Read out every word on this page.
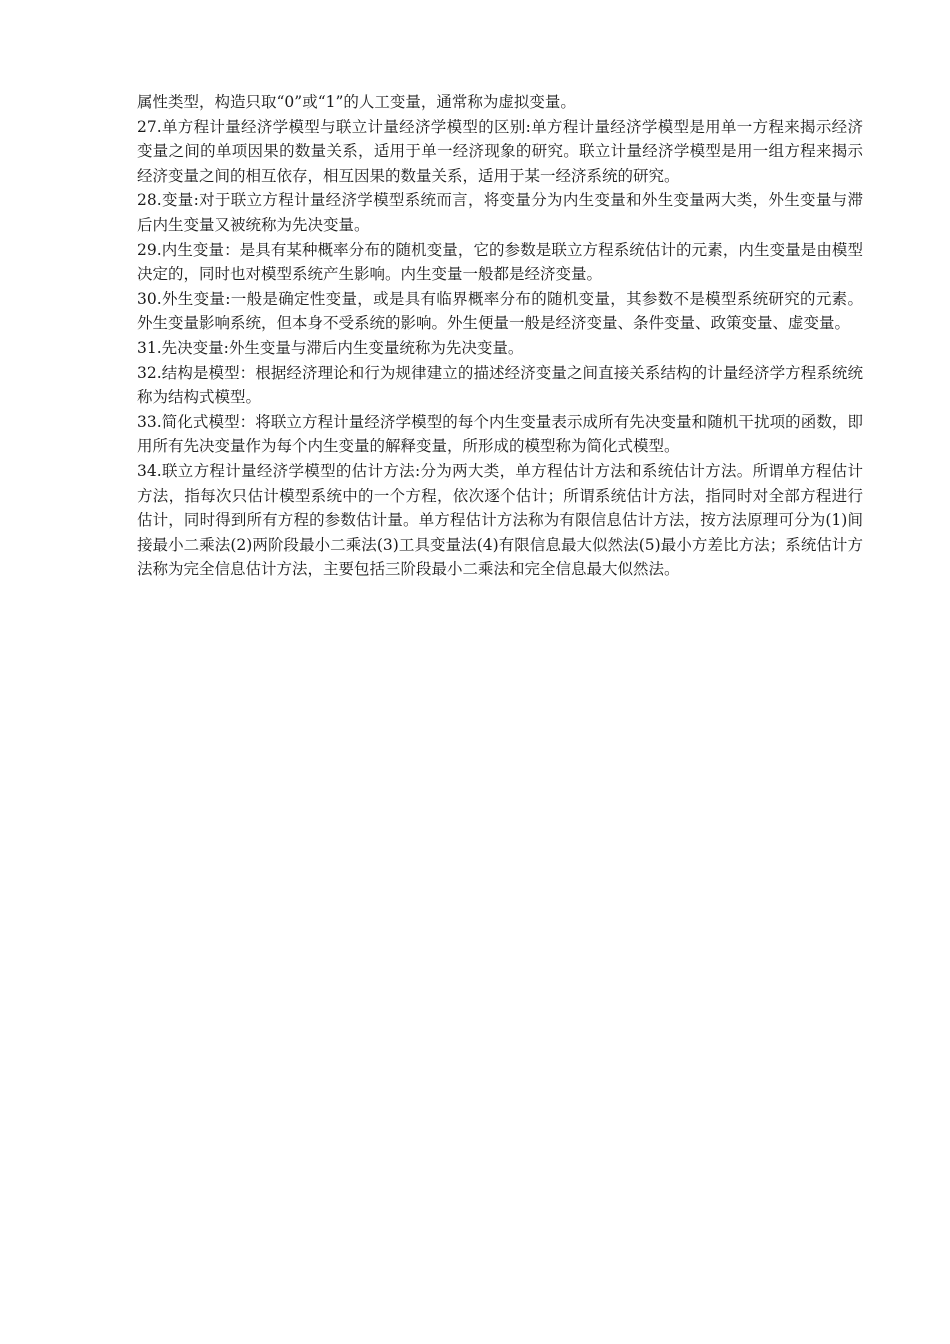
属性类型，构造只取“0”或“1”的人工变量，通常称为虚拟变量。

27.单方程计量经济学模型与联立计量经济学模型的区别:单方程计量经济学模型是用单一方程来揭示经济变量之间的单项因果的数量关系，适用于单一经济现象的研究。联立计量经济学模型是用一组方程来揭示经济变量之间的相互依存，相互因果的数量关系，适用于某一经济系统的研究。

28.变量:对于联立方程计量经济学模型系统而言，将变量分为内生变量和外生变量两大类，外生变量与滞后内生变量又被统称为先决变量。

29.内生变量：是具有某种概率分布的随机变量，它的参数是联立方程系统估计的元素，内生变量是由模型决定的，同时也对模型系统产生影响。内生变量一般都是经济变量。

30.外生变量:一般是确定性变量，或是具有临界概率分布的随机变量，其参数不是模型系统研究的元素。外生变量影响系统，但本身不受系统的影响。外生便量一般是经济变量、条件变量、政策变量、虚变量。

31.先决变量:外生变量与滞后内生变量统称为先决变量。

32.结构是模型：根据经济理论和行为规律建立的描述经济变量之间直接关系结构的计量经济学方程系统统称为结构式模型。

33.简化式模型：将联立方程计量经济学模型的每个内生变量表示成所有先决变量和随机干扰项的函数，即用所有先决变量作为每个内生变量的解释变量，所形成的模型称为简化式模型。

34.联立方程计量经济学模型的估计方法:分为两大类，单方程估计方法和系统估计方法。所谓单方程估计方法，指每次只估计模型系统中的一个方程，依次逐个估计；所谓系统估计方法，指同时对全部方程进行估计，同时得到所有方程的参数估计量。单方程估计方法称为有限信息估计方法，按方法原理可分为(1)间接最小二乘法(2)两阶段最小二乘法(3)工具变量法(4)有限信息最大似然法(5)最小方差比方法；系统估计方法称为完全信息估计方法，主要包括三阶段最小二乘法和完全信息最大似然法。
